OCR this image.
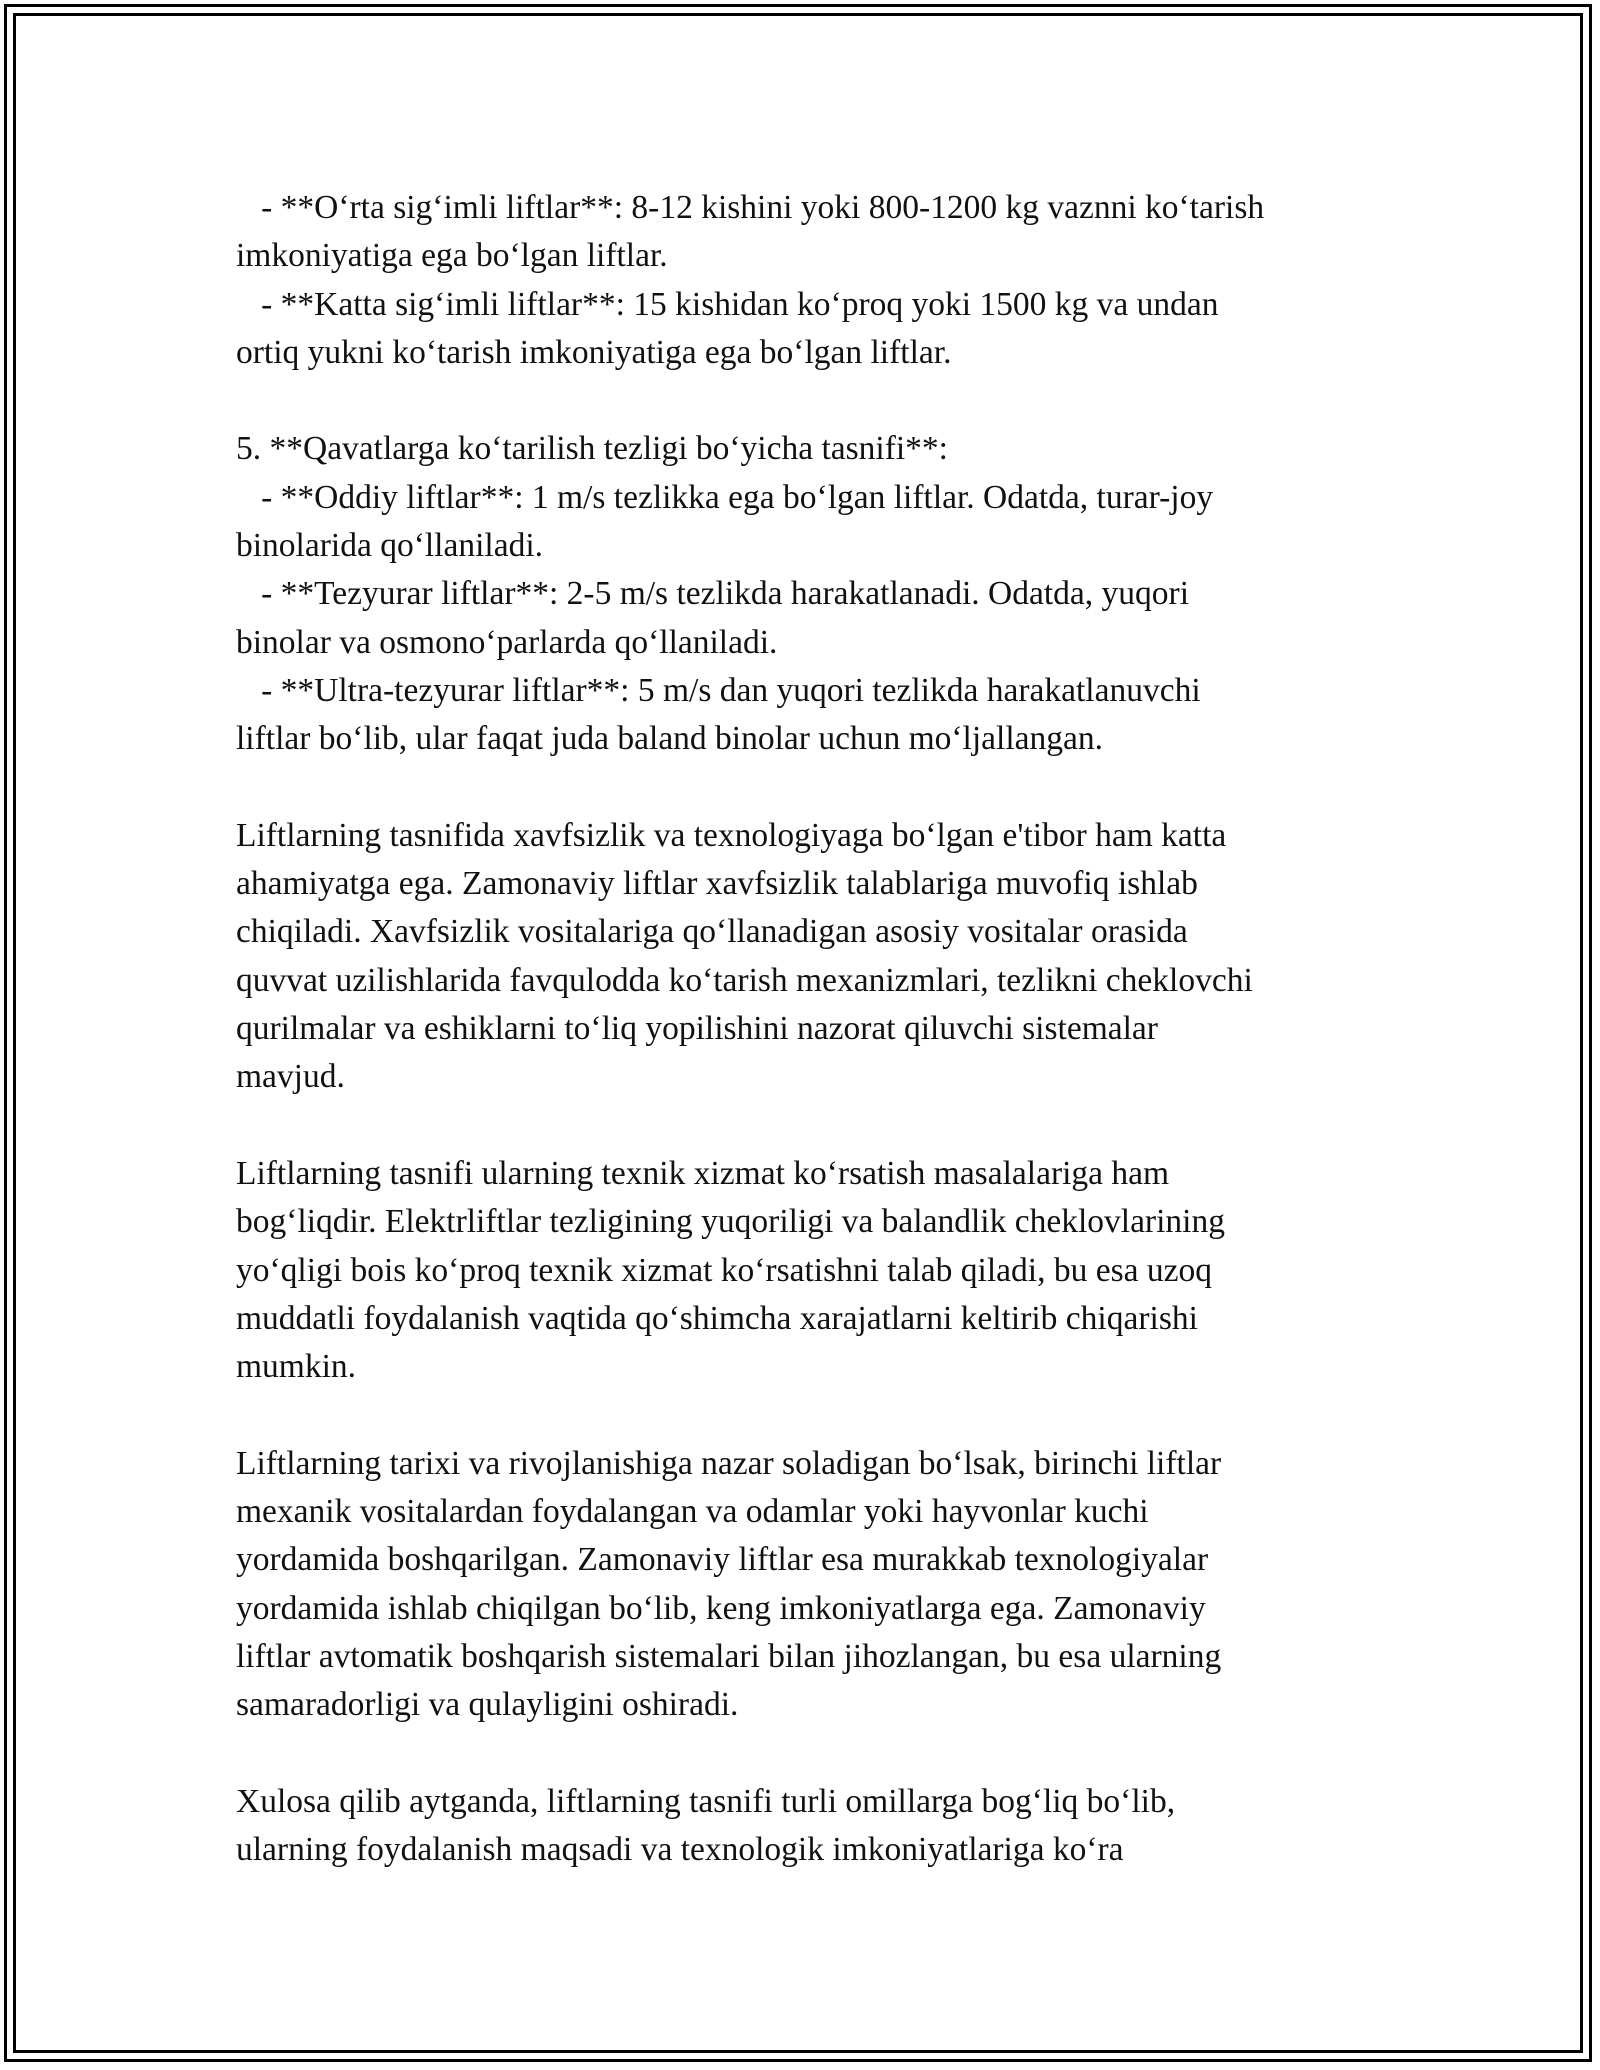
- **O‘rta sig‘imli liftlar**: 8-12 kishini yoki 800-1200 kg vaznni ko‘tarish

imkoniyatiga ega bo‘lgan liftlar.

- **Katta sig‘imli liftlar**: 15 kishidan ko‘proq yoki 1500 kg va undan

ortiq yukni ko‘tarish imkoniyatiga ega bo‘lgan liftlar.

5. **Qavatlarga ko‘tarilish tezligi bo‘yicha tasnifi**:

- **Oddiy liftlar**: 1 m/s tezlikka ega bo‘lgan liftlar. Odatda, turar-joy

binolarida qo‘llaniladi.

- **Tezyurar liftlar**: 2-5 m/s tezlikda harakatlanadi. Odatda, yuqori

binolar va osmono‘parlarda qo‘llaniladi.

- **Ultra-tezyurar liftlar**: 5 m/s dan yuqori tezlikda harakatlanuvchi

liftlar bo‘lib, ular faqat juda baland binolar uchun mo‘ljallangan.

Liftlarning tasnifida xavfsizlik va texnologiyaga bo‘lgan e'tibor ham katta

ahamiyatga ega. Zamonaviy liftlar xavfsizlik talablariga muvofiq ishlab

chiqiladi. Xavfsizlik vositalariga qo‘llanadigan asosiy vositalar orasida

quvvat uzilishlarida favqulodda ko‘tarish mexanizmlari, tezlikni cheklovchi

qurilmalar va eshiklarni to‘liq yopilishini nazorat qiluvchi sistemalar

mavjud.

Liftlarning tasnifi ularning texnik xizmat ko‘rsatish masalalariga ham

bog‘liqdir. Elektrliftlar tezligining yuqoriligi va balandlik cheklovlarining

yo‘qligi bois ko‘proq texnik xizmat ko‘rsatishni talab qiladi, bu esa uzoq

muddatli foydalanish vaqtida qo‘shimcha xarajatlarni keltirib chiqarishi

mumkin.

Liftlarning tarixi va rivojlanishiga nazar soladigan bo‘lsak, birinchi liftlar

mexanik vositalardan foydalangan va odamlar yoki hayvonlar kuchi

yordamida boshqarilgan. Zamonaviy liftlar esa murakkab texnologiyalar

yordamida ishlab chiqilgan bo‘lib, keng imkoniyatlarga ega. Zamonaviy

liftlar avtomatik boshqarish sistemalari bilan jihozlangan, bu esa ularning

samaradorligi va qulayligini oshiradi.

Xulosa qilib aytganda, liftlarning tasnifi turli omillarga bog‘liq bo‘lib,

ularning foydalanish maqsadi va texnologik imkoniyatlariga ko‘ra
